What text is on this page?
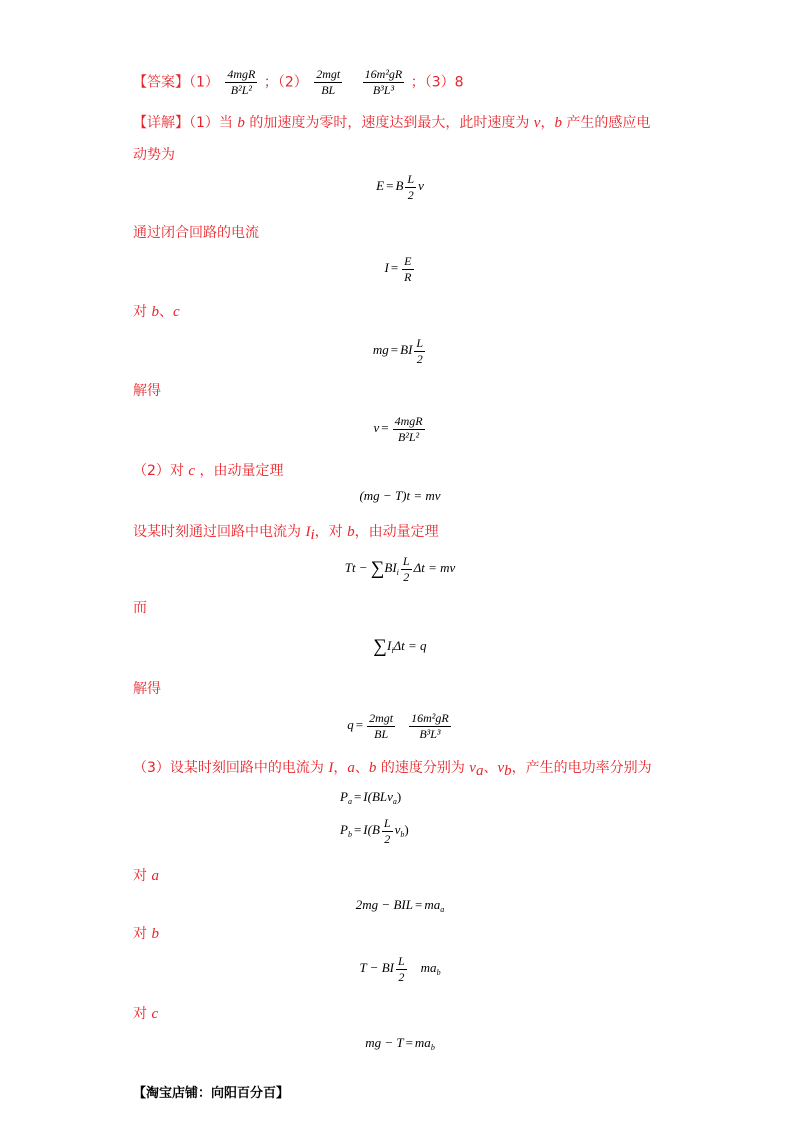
【答案】（1）
4mgR
B²L² ；（2）
2mgt
BL
	$\frac{\text{16m²gR}}{\text{B³L³}}$ ；（3）8
【详解】（1）当 b 的加速度为零时，速度达到最大，此时速度为 v，b 产生的感应电
动势为
E = B $\frac{L}{2}$ v
通过闭合回路的电流
$I = \frac{E}{R}$
对 b、c
mg = BI $\frac{L}{2}$
解得
v = 4mgR
B²L²
（2）对 c ，由动量定理
(mg − T)t = mv
设某时刻通过回路中电流为 $I_i$，对 b，由动量定理
$Tt - \sum BI_i \frac{L}{2}$ Δt = mv
而
$\sum I_i\Delta t = q$
解得
q = 2mgt
BL	$\frac{\text{16m²gR}}{\text{B³L³}}$
（3）设某时刻回路中的电流为 I，a、b 的速度分别为 $v_a$、$v_b$，产生的电功率分别为
$P_a = I(BLv_a)$
$P_b = I(B \frac{L}{2} v_b)$
对 a
2mg − BIL = $ma_a$
对 b
T − BI $\frac{L}{2} ma_b$
对 c
mg − $T = ma_b$
【淘宝店铺：向阳百分百】
